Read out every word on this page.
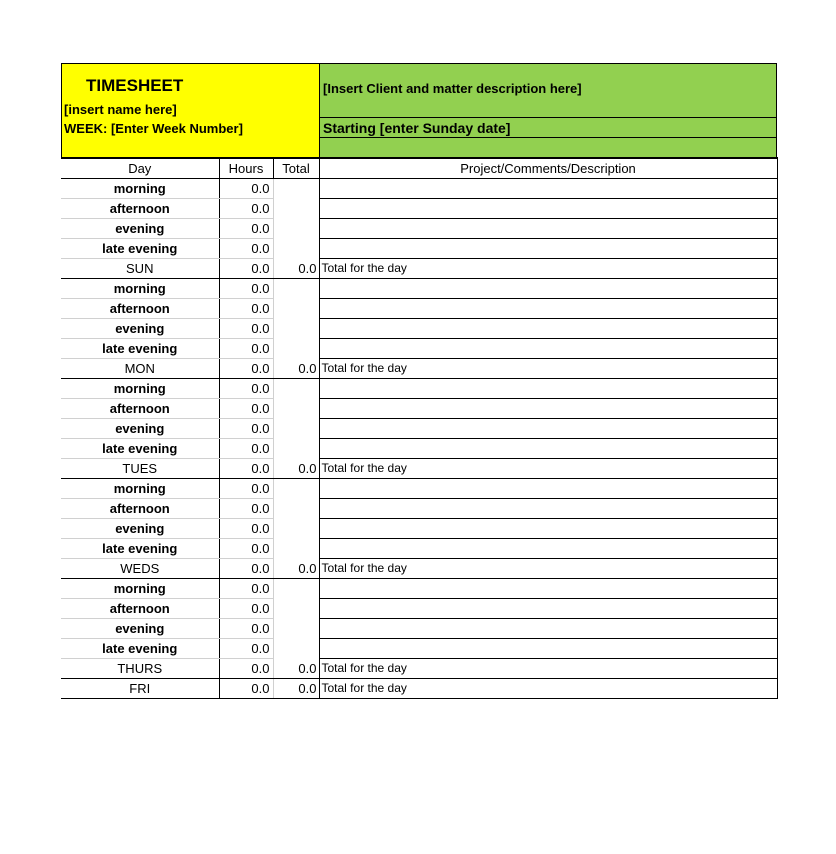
TIMESHEET
[insert name here]
WEEK: [Enter Week Number]
[Insert Client and matter description here]
Starting [enter Sunday date]
Day	Hours	Total	Project/Comments/Description
morning	0.0		
afternoon	0.0		
evening	0.0		
late evening	0.0		
SUN	0.0	0.0	Total for the day
morning	0.0		
afternoon	0.0		
evening	0.0		
late evening	0.0		
MON	0.0	0.0	Total for the day
morning	0.0		
afternoon	0.0		
evening	0.0		
late evening	0.0		
TUES	0.0	0.0	Total for the day
morning	0.0		
afternoon	0.0		
evening	0.0		
late evening	0.0		
WEDS	0.0	0.0	Total for the day
morning	0.0		
afternoon	0.0		
evening	0.0		
late evening	0.0		
THURS	0.0	0.0	Total for the day
FRI	0.0	0.0	Total for the day
